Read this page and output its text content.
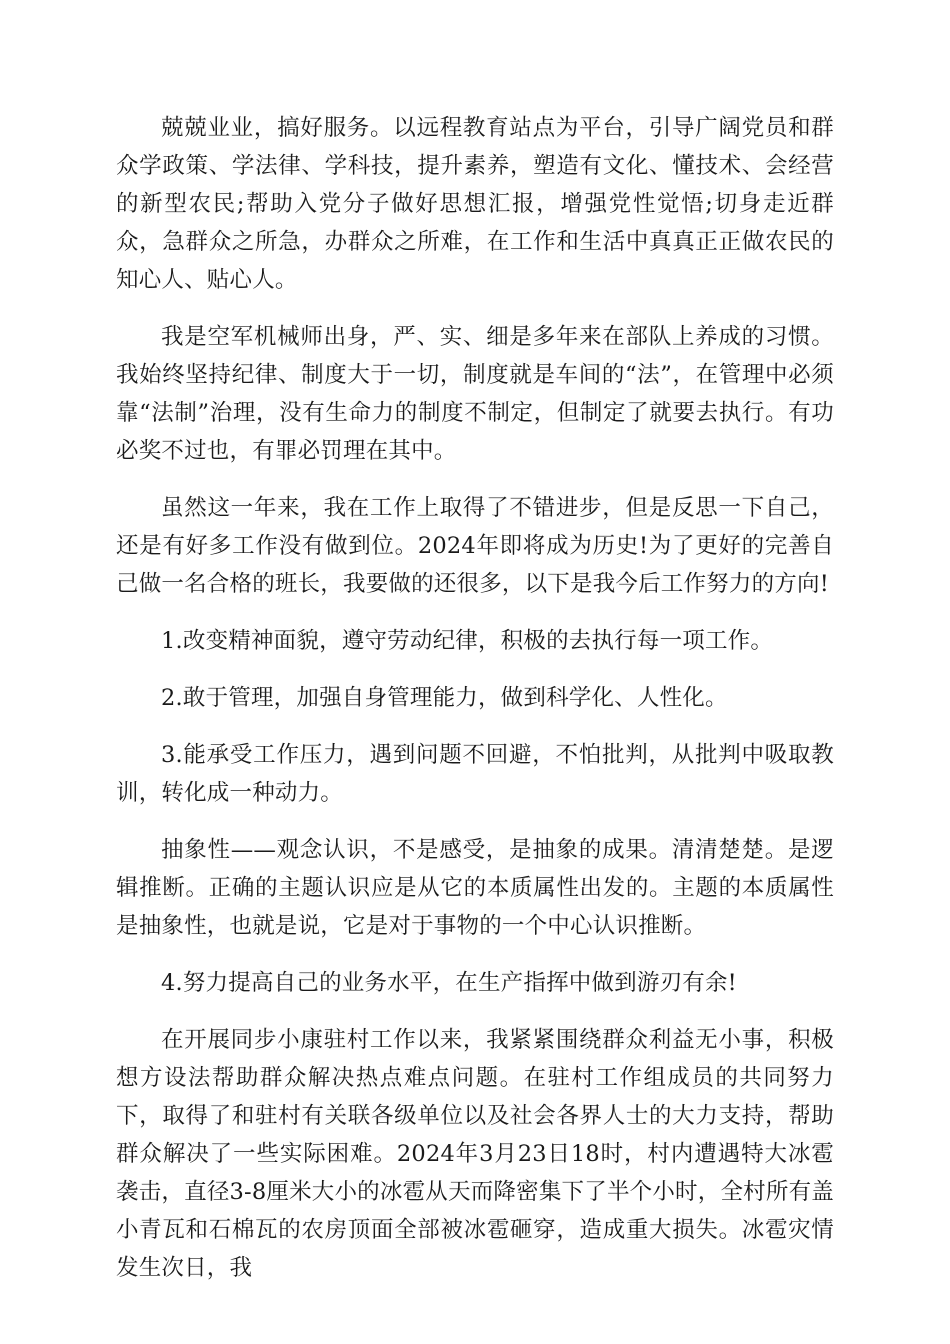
兢兢业业，搞好服务。以远程教育站点为平台，引导广阔党员和群众学政策、学法律、学科技，提升素养，塑造有文化、懂技术、会经营的新型农民;帮助入党分子做好思想汇报，增强党性觉悟;切身走近群众，急群众之所急，办群众之所难，在工作和生活中真真正正做农民的知心人、贴心人。

我是空军机械师出身，严、实、细是多年来在部队上养成的习惯。我始终坚持纪律、制度大于一切，制度就是车间的“法”，在管理中必须靠“法制”治理，没有生命力的制度不制定，但制定了就要去执行。有功必奖不过也，有罪必罚理在其中。

虽然这一年来，我在工作上取得了不错进步，但是反思一下自己，还是有好多工作没有做到位。2024年即将成为历史!为了更好的完善自己做一名合格的班长，我要做的还很多，以下是我今后工作努力的方向!

1.改变精神面貌，遵守劳动纪律，积极的去执行每一项工作。

2.敢于管理，加强自身管理能力，做到科学化、人性化。

3.能承受工作压力，遇到问题不回避，不怕批判，从批判中吸取教训，转化成一种动力。

抽象性——观念认识，不是感受，是抽象的成果。清清楚楚。是逻辑推断。正确的主题认识应是从它的本质属性出发的。主题的本质属性是抽象性，也就是说，它是对于事物的一个中心认识推断。

4.努力提高自己的业务水平，在生产指挥中做到游刃有余!

在开展同步小康驻村工作以来，我紧紧围绕群众利益无小事，积极想方设法帮助群众解决热点难点问题。在驻村工作组成员的共同努力下，取得了和驻村有关联各级单位以及社会各界人士的大力支持，帮助群众解决了一些实际困难。2024年3月23日18时，村内遭遇特大冰雹袭击，直径3-8厘米大小的冰雹从天而降密集下了半个小时，全村所有盖小青瓦和石棉瓦的农房顶面全部被冰雹砸穿，造成重大损失。冰雹灾情发生次日，我
